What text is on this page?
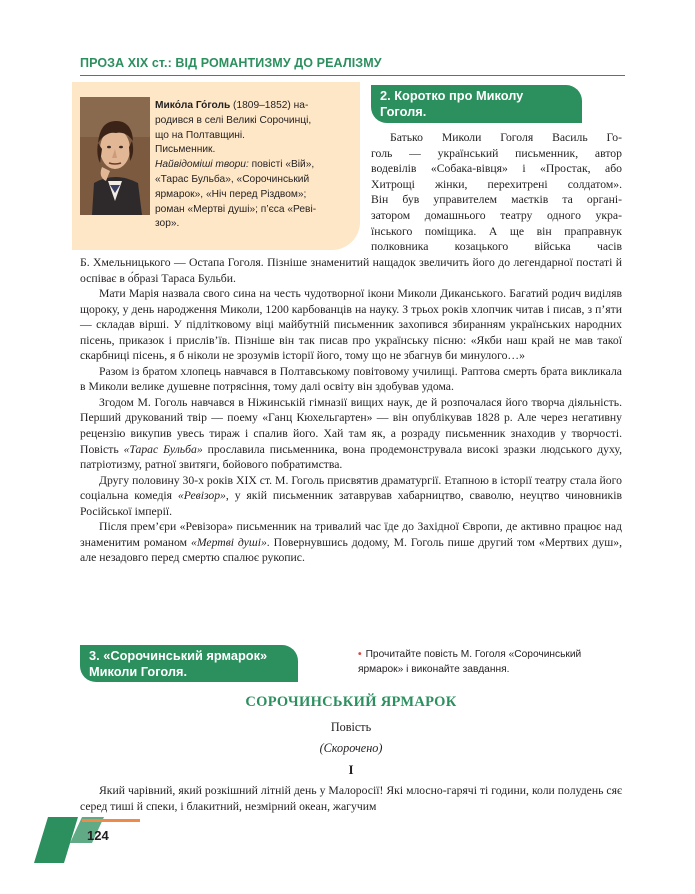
ПРОЗА ХІХ ст.: ВІД РОМАНТИЗМУ ДО РЕАЛІЗМУ
Мико́ла Го́голь (1809–1852) на-
родився в селі Великі Сорочинці,
що на Полтавщині.
Письменник.
Найвідоміші твори: повісті «Вій»,
«Тарас Бульба», «Сорочинський
ярмарок», «Ніч перед Різдвом»;
роман «Мертві душі»; п’єса «Реві-
зор».
2. Коротко про Миколу
Гоголя.

Батько Миколи Гоголя Василь Го-

голь — український письменник, автор

водевілів «Собака-вівця» і «Простак, або

Хитрощі жінки, перехитрені солдатом».

Він був управителем маєтків та органі-

затором домашнього театру одного укра-

їнського поміщика. А ще він праправнук

полковника козацького війська часів

Б. Хмельницького — Остапа Гоголя. Пізніше знаменитий нащадок звеличить його до легендарної постаті й оспіває в о́бразі Тараса Бульби.

Мати Марія назвала свого сина на честь чудотворної ікони Миколи Диканського. Багатий родич виділяв щороку, у день народження Миколи, 1200 карбованців на науку. З трьох років хлопчик читав і писав, з п’яти — складав вірші. У підлітковому віці майбутній письменник захопився збиранням українських народних пісень, приказок і прислів’їв. Пізніше він так писав про українську пісню: «Якби наш край не мав такої скарбниці пісень, я б ніколи не зрозумів історії його, тому що не збагнув би минулого…»

Разом із братом хлопець навчався в Полтавському повітовому училищі. Раптова смерть брата викликала в Миколи велике душевне потрясіння, тому далі освіту він здобував удома.

Згодом М. Гоголь навчався в Ніжинській гімназії вищих наук, де й розпочалася його творча діяльність. Перший друкований твір — поему «Ганц Кюхельгартен» — він опублікував 1828 р. Але через негативну рецензію викупив увесь тираж і спалив його. Хай там як, а розраду письменник знаходив у творчості. Повість «Тарас Бульба» прославила письменника, вона продемонструвала високі зразки людського духу, патріотизму, ратної звитяги, бойового побратимства.

Другу половину 30-х років ХІХ ст. М. Гоголь присвятив драматургії. Етапною в історії театру стала його соціальна комедія «Ревізор», у якій письменник затаврував хабарництво, сваволю, неуцтво чиновників Російської імперії.

Після прем’єри «Ревізора» письменник на тривалий час їде до Західної Європи, де активно працює над знаменитим романом «Мертві душі». Повернувшись додому, М. Гоголь пише другий том «Мертвих душ», але незадовго перед смертю спалює рукопис.

3. «Сорочинський ярмарок»
Миколи Гоголя.
• Прочитайте повість М. Гоголя «Сорочинський ярмарок» і виконайте завдання.
СОРОЧИНСЬКИЙ ЯРМАРОК
Повість
(Скорочено)
I

Який чарівний, який розкішний літній день у Малоросії! Які млосно-гарячі ті години, коли полудень сяє серед тиші й спеки, і блакитний, незмірний океан, жагучим

124
